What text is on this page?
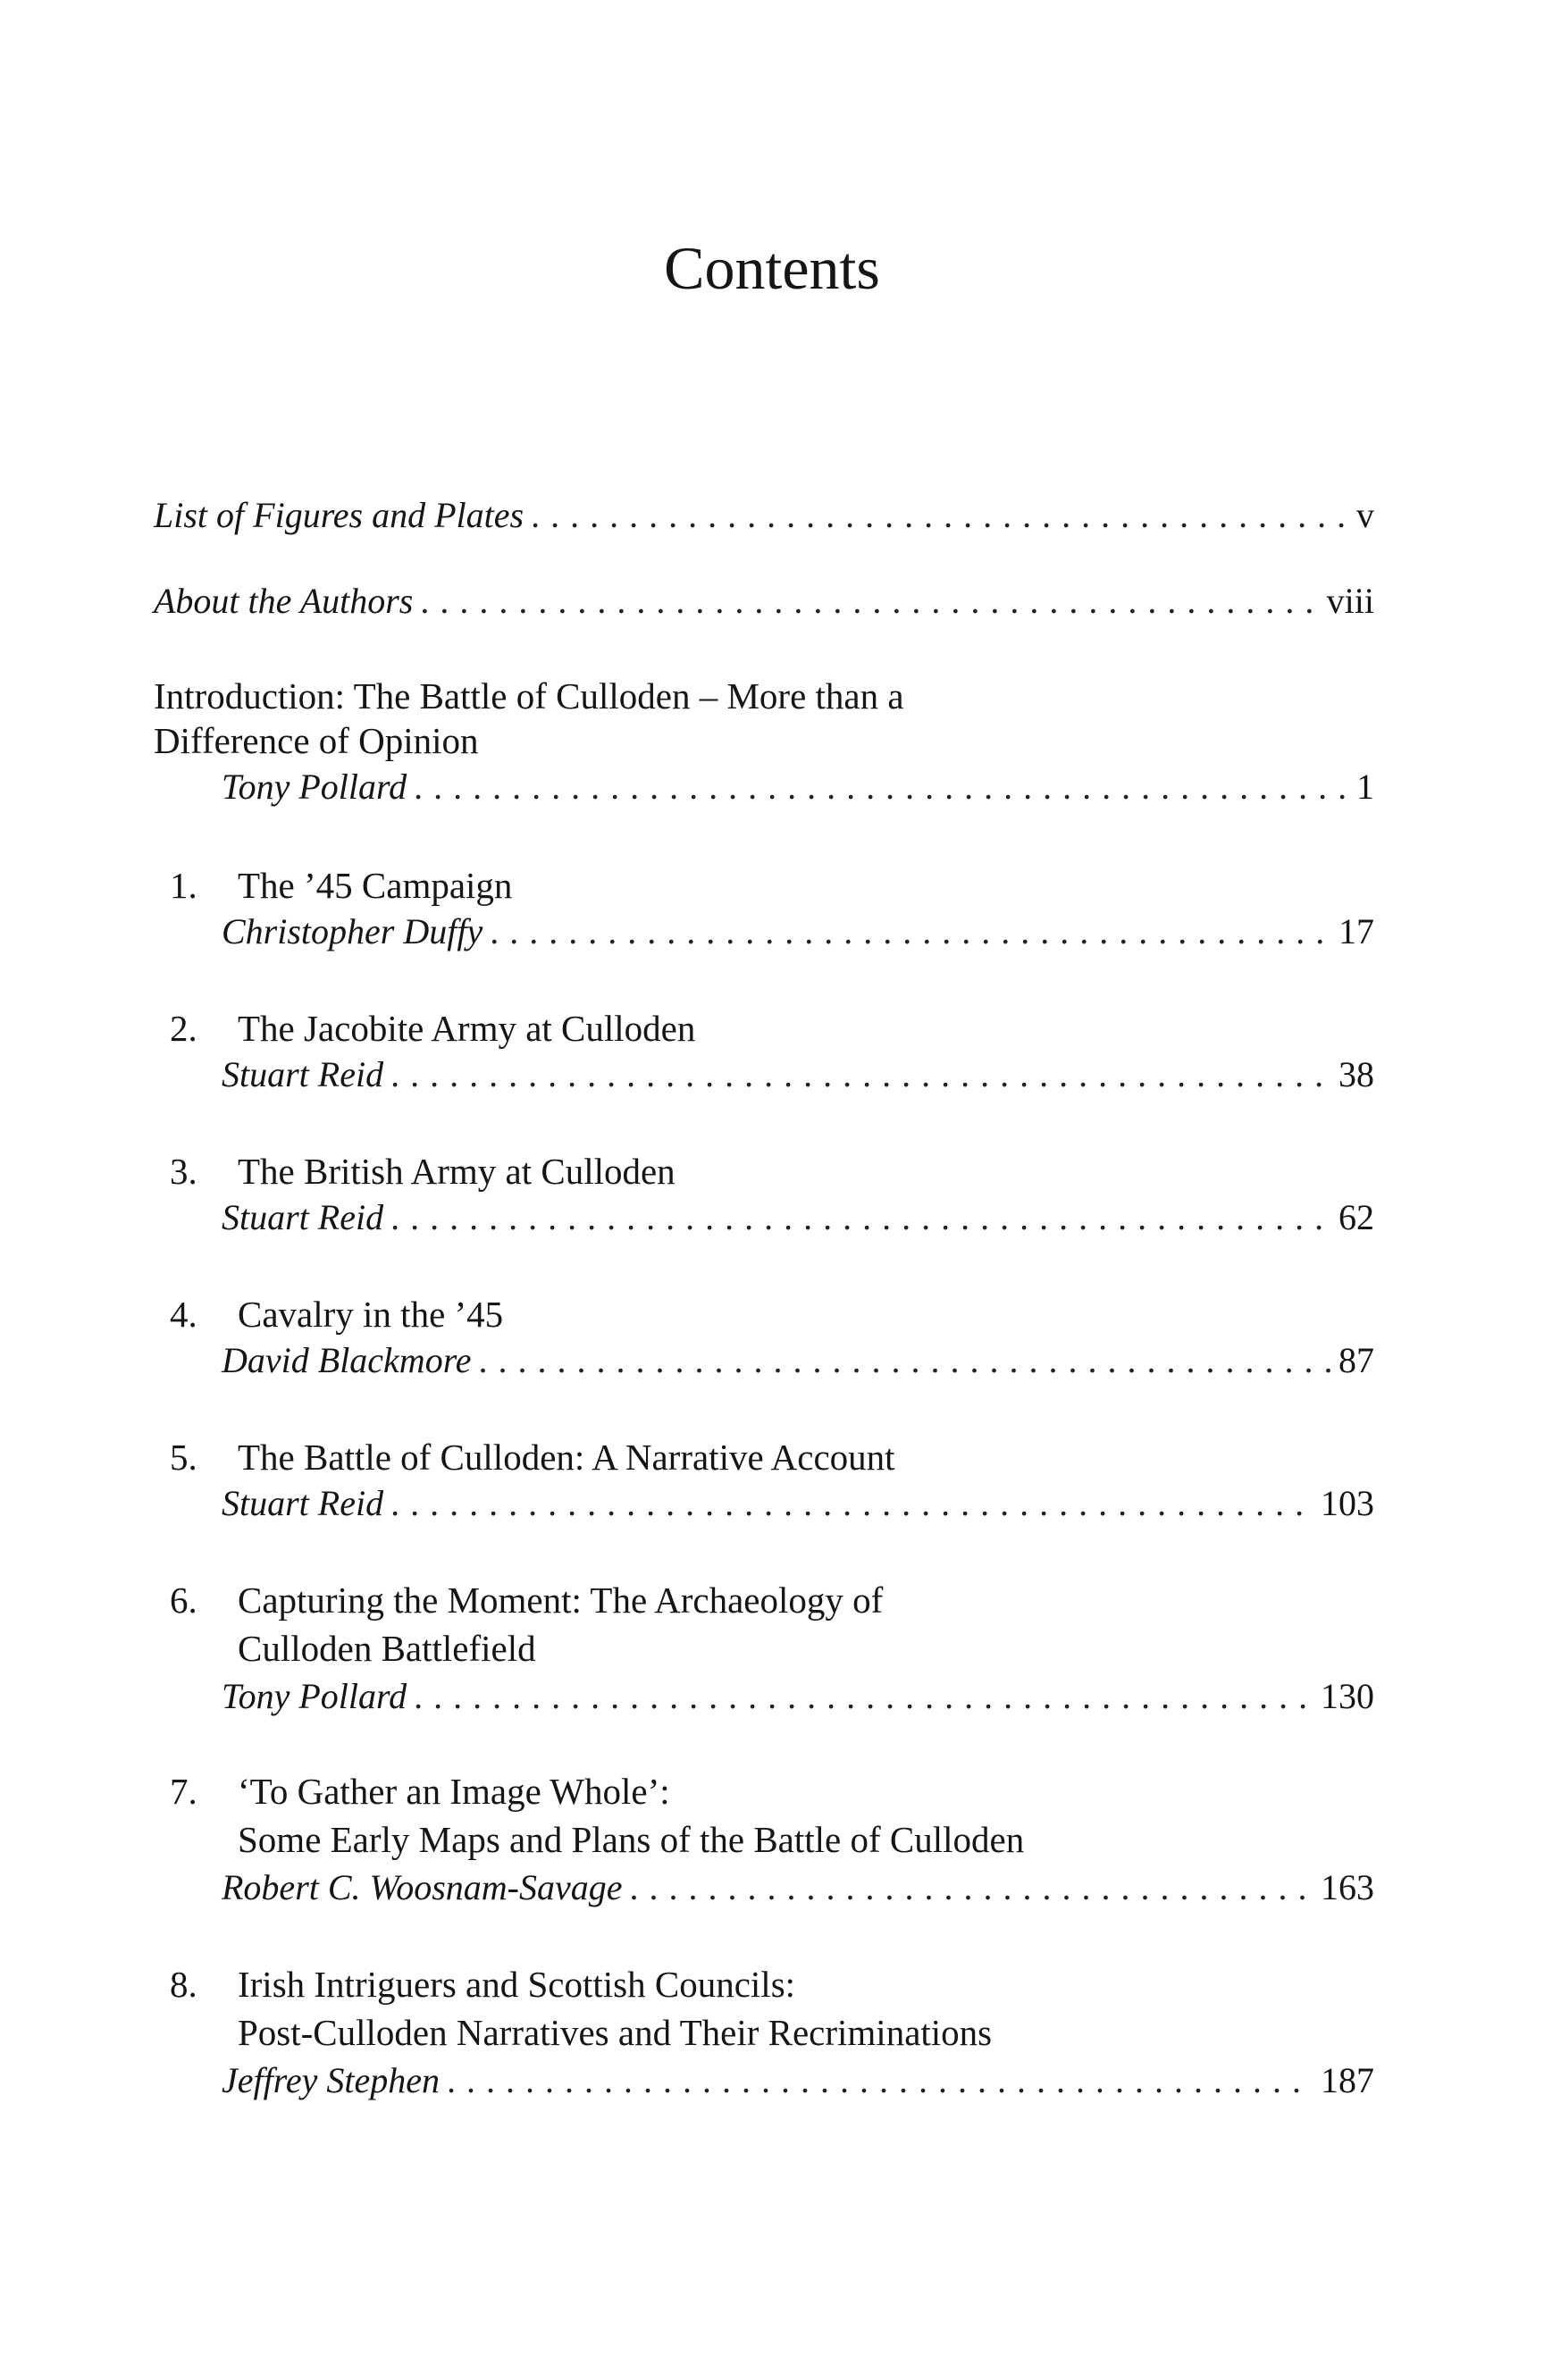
Contents
List of Figures and Plates . . .	v
About the Authors . . .	viii
Introduction: The Battle of Culloden – More than a
Difference of Opinion
Tony Pollard . . .	1
1. The ’45 Campaign
Christopher Duffy . . .	17
2. The Jacobite Army at Culloden
Stuart Reid . . .	38
3. The British Army at Culloden
Stuart Reid . . .	62
4. Cavalry in the ’45
David Blackmore . . .	87
5. The Battle of Culloden: A Narrative Account
Stuart Reid . . .	103
6. Capturing the Moment: The Archaeology of
Culloden Battlefield
Tony Pollard . . .	130
7. ‘To Gather an Image Whole’:
Some Early Maps and Plans of the Battle of Culloden
Robert C. Woosnam-Savage . . .	163
8. Irish Intriguers and Scottish Councils:
Post-Culloden Narratives and Their Recriminations
Jeffrey Stephen . . .	187
